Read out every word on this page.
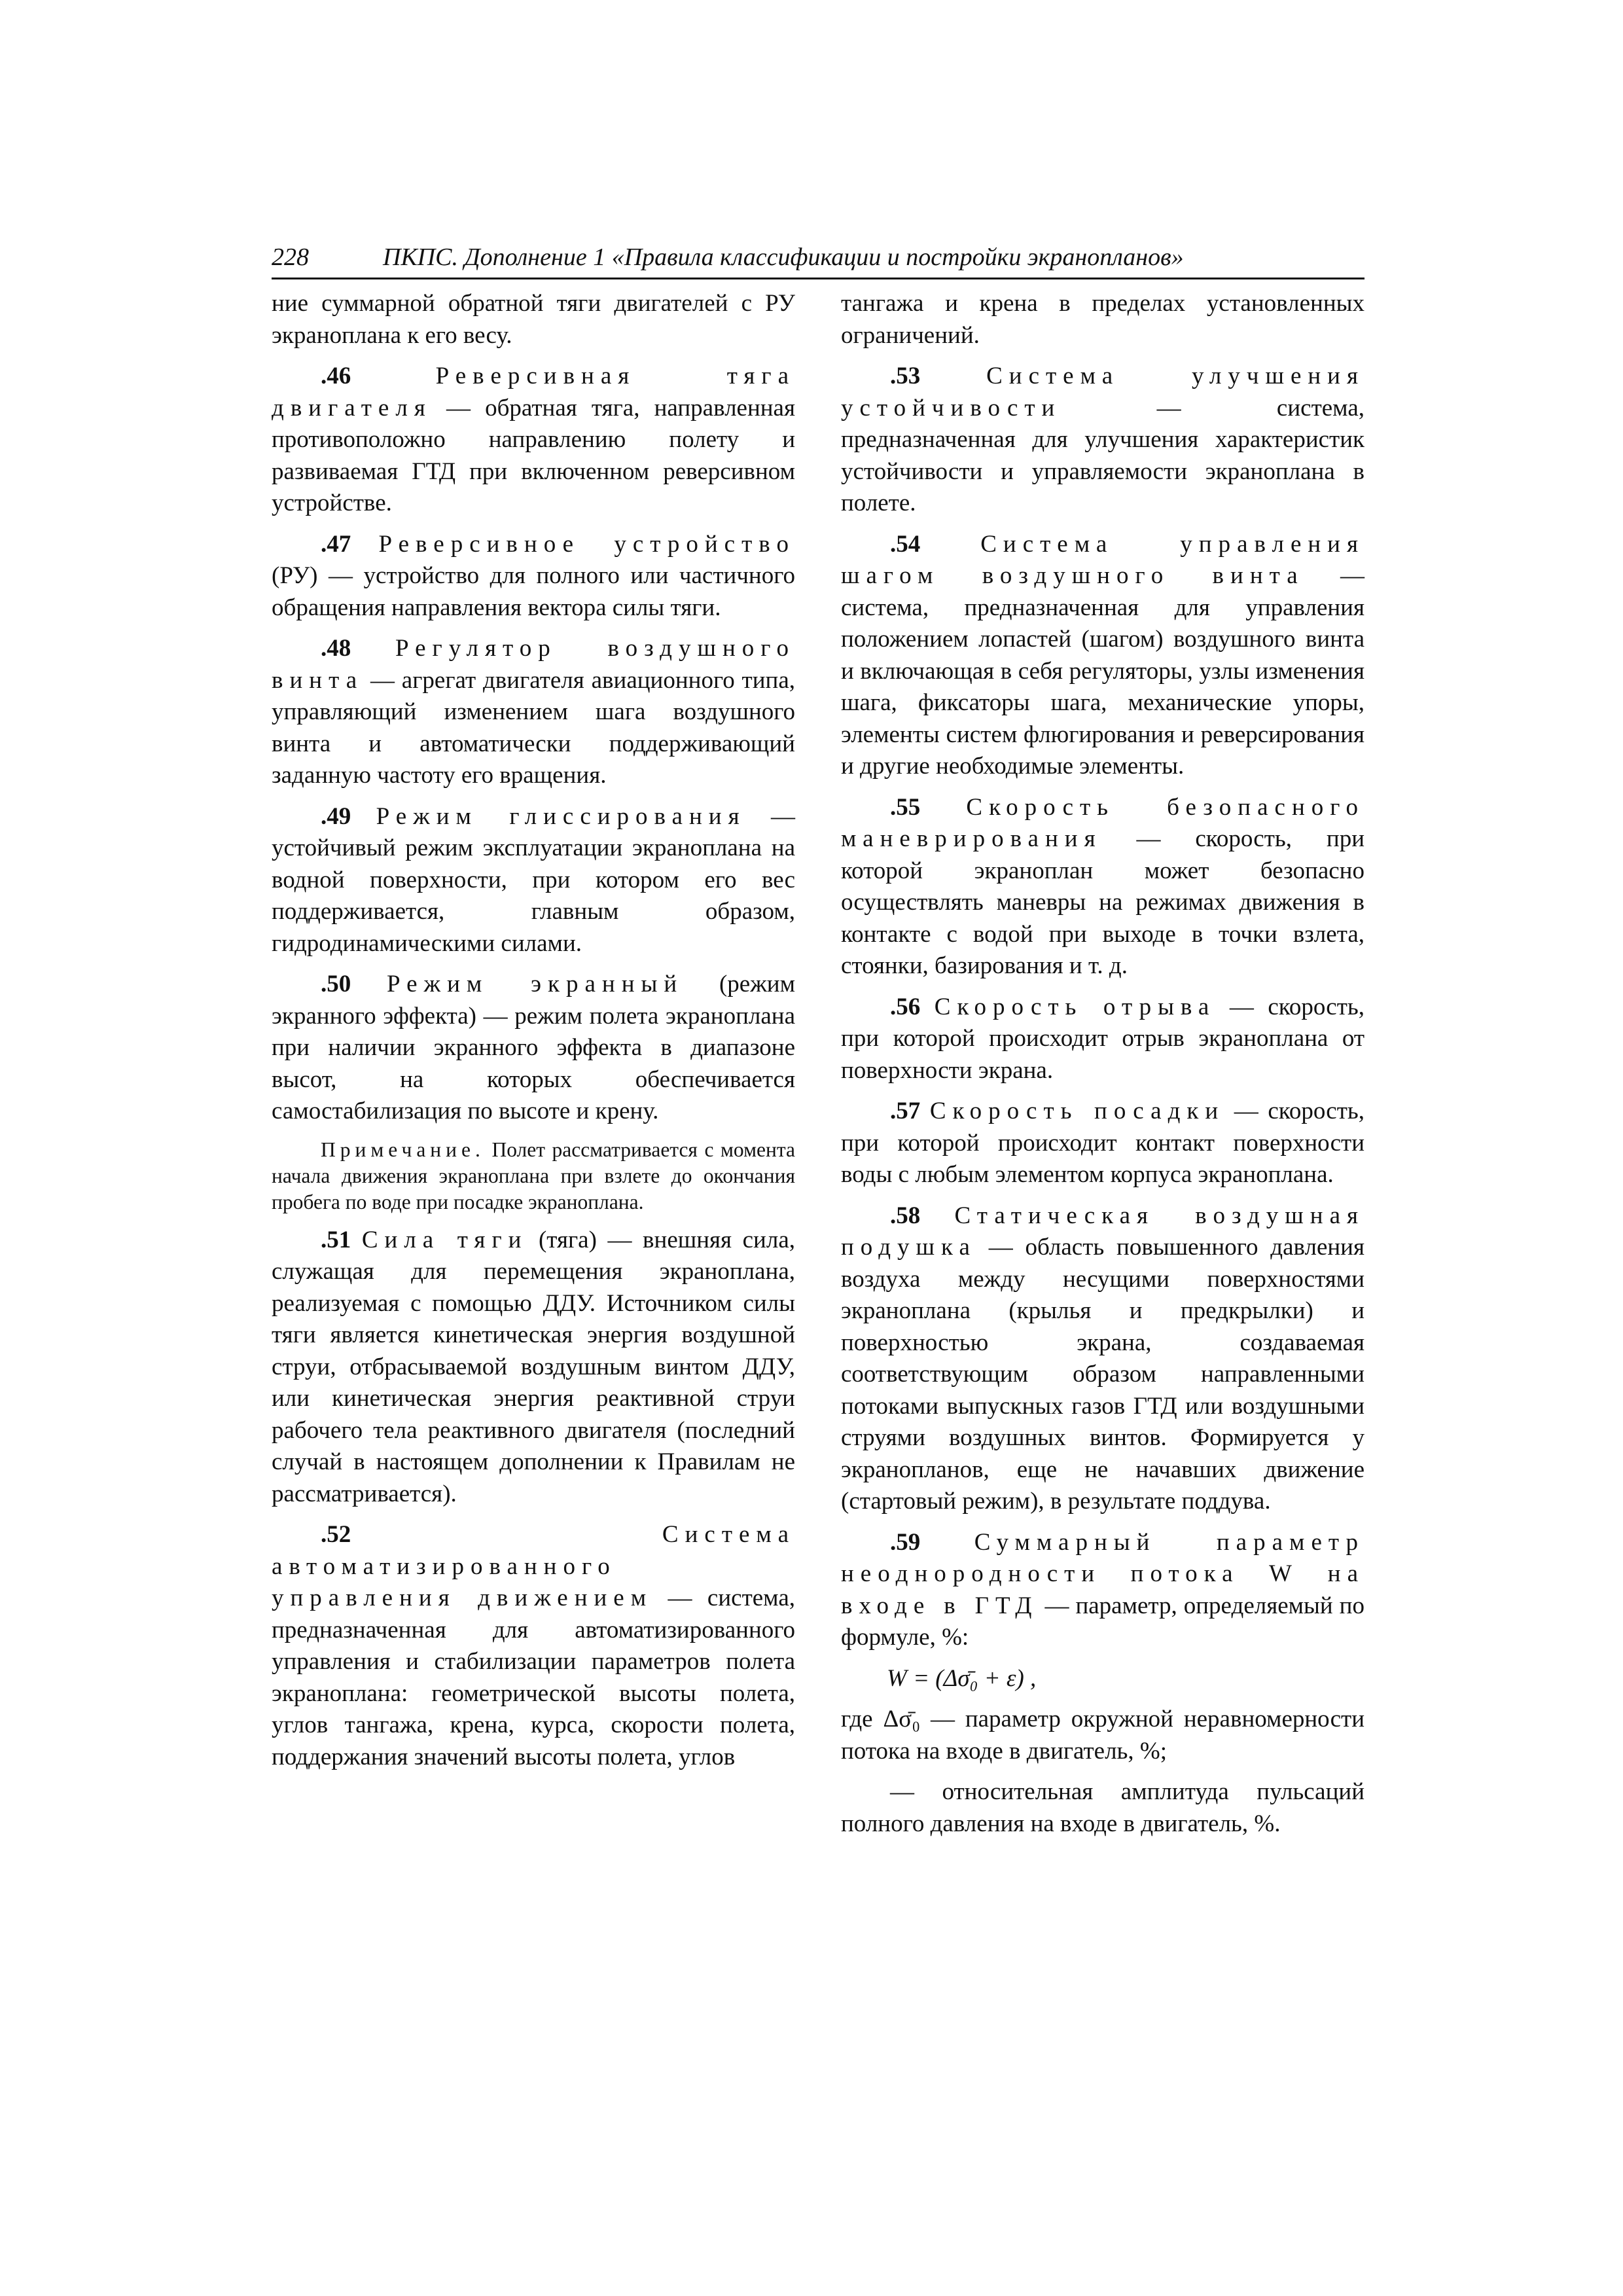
228	ПКПС. Дополнение 1 «Правила классификации и постройки экранопланов»

ние суммарной обратной тяги двигателей с РУ экраноплана к его весу.

.46	Реверсивная тяга двигателя — обратная тяга, направленная противоположно направлению полету и развиваемая ГТД при включенном реверсивном устройстве.

.47 Реверсивное устройство (РУ) — устройство для полного или частичного обращения направления вектора силы тяги.

.48 Регулятор воздушного винта — агрегат двигателя авиационного типа, управляющий изменением шага воздушного винта и автоматически поддерживающий заданную частоту его вращения.

.49 Режим глиссирования — устойчивый режим эксплуатации экраноплана на водной поверхности, при котором его вес поддерживается, главным образом, гидродинамическими силами.

.50 Режим экранный (режим экранного эффекта) — режим полета экраноплана при наличии экранного эффекта в диапазоне высот, на которых обеспечивается самостабилизация по высоте и крену.

Примечание. Полет рассматривается с момента начала движения экраноплана при взлете до окончания пробега по воде при посадке экраноплана.

.51 Сила тяги (тяга) — внешняя сила, служащая для перемещения экраноплана, реализуемая с помощью ДДУ. Источником силы тяги является кинетическая энергия воздушной струи, отбрасываемой воздушным винтом ДДУ, или кинетическая энергия реактивной струи рабочего тела реактивного двигателя (последний случай в настоящем дополнении к Правилам не рассматривается).

.52	Система автоматизированного управления движением — система, предназначенная для автоматизированного управления и стабилизации параметров полета экраноплана: геометрической высоты полета, углов тангажа, крена, курса, скорости полета, поддержания значений высоты полета, углов

тангажа и крена в пределах установленных ограничений.

.53	Система улучшения устойчивости — система, предназначенная для улучшения характеристик устойчивости и управляемости экраноплана в полете.

.54 Система управления шагом воздушного винта — система, предназначенная для управления положением лопастей (шагом) воздушного винта и включающая в себя регуляторы, узлы изменения шага, фиксаторы шага, механические упоры, элементы систем флюгирования и реверсирования и другие необходимые элементы.

.55 Скорость безопасного маневрирования — скорость, при которой экраноплан может безопасно осуществлять маневры на режимах движения в контакте с водой при выходе в точки взлета, стоянки, базирования и т. д.

.56 Скорость отрыва — скорость, при которой происходит отрыв экраноплана от поверхности экрана.

.57 Скорость посадки — скорость, при которой происходит контакт поверхности воды с любым элементом корпуса экраноплана.

.58 Статическая воздушная подушка — область повышенного давления воздуха между несущими поверхностями экраноплана (крылья и предкрылки) и поверхностью экрана, создаваемая соответствующим образом направленными потоками выпускных газов ГТД или воздушными струями воздушных винтов. Формируется у экранопланов, еще не начавших движение (стартовый режим), в результате поддува.

.59 Суммарный параметр неоднородности потока W на входе в ГТД — параметр, определяемый по формуле, %:

W = (Δσ̄₀ + ε) ,

где Δσ̄₀ — параметр окружной неравномерности потока на входе в двигатель, %;

— относительная амплитуда пульсаций полного давления на входе в двигатель, %.
